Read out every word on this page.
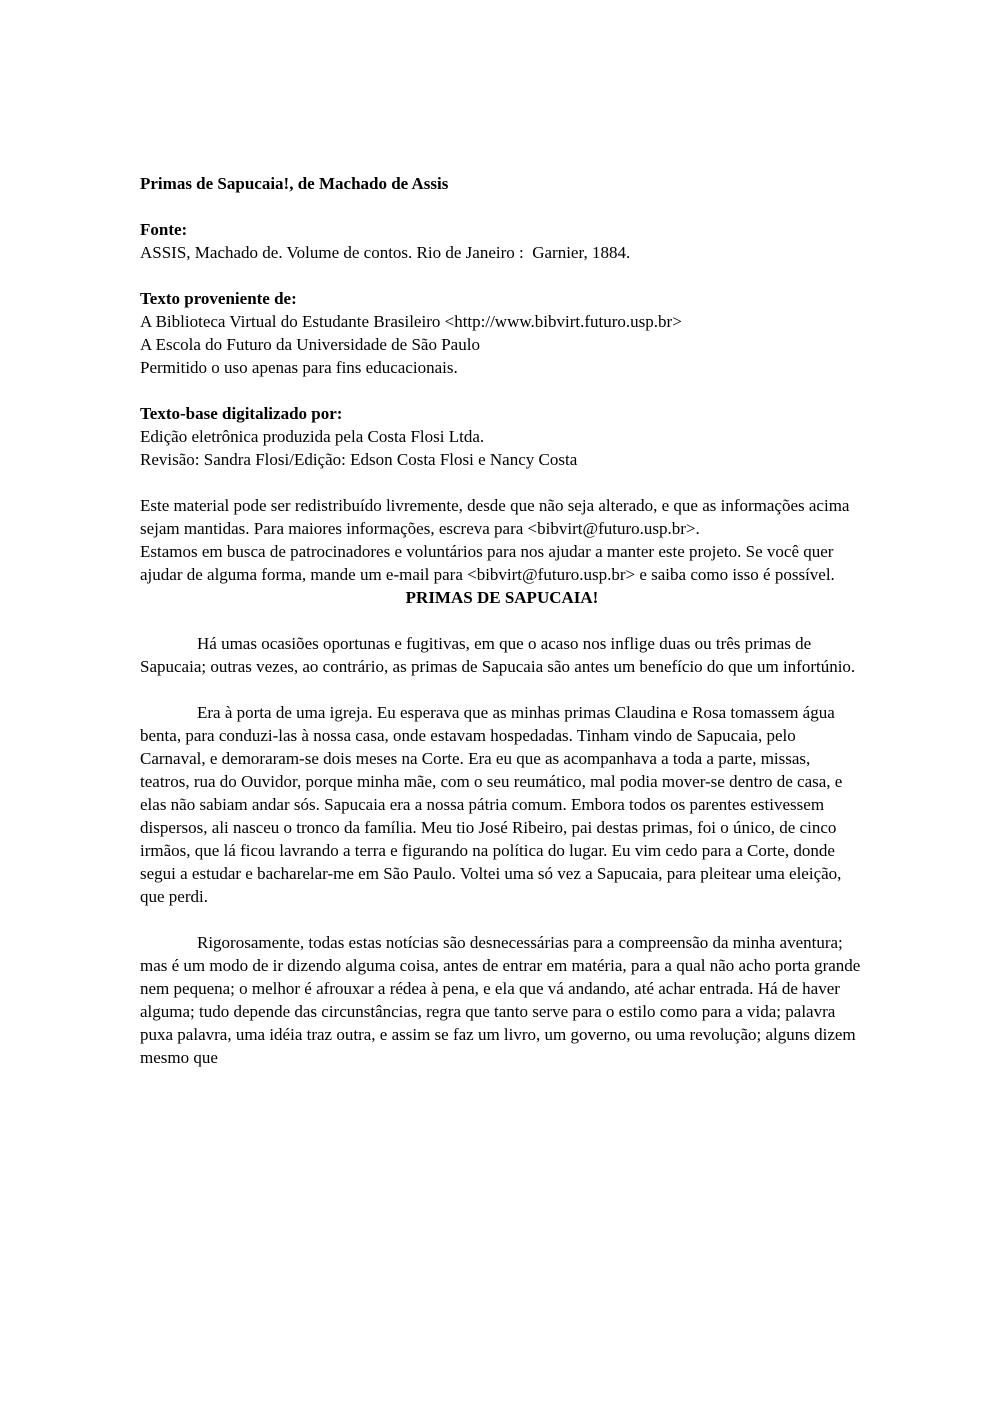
Primas de Sapucaia!, de Machado de Assis

Fonte:

ASSIS, Machado de. Volume de contos. Rio de Janeiro :  Garnier, 1884.

Texto proveniente de:

A Biblioteca Virtual do Estudante Brasileiro <http://www.bibvirt.futuro.usp.br>

A Escola do Futuro da Universidade de São Paulo

Permitido o uso apenas para fins educacionais.

Texto-base digitalizado por:

Edição eletrônica produzida pela Costa Flosi Ltda.

Revisão: Sandra Flosi/Edição: Edson Costa Flosi e Nancy Costa

Este material pode ser redistribuído livremente, desde que não seja alterado, e que as informações acima sejam mantidas. Para maiores informações, escreva para <bibvirt@futuro.usp.br>.

Estamos em busca de patrocinadores e voluntários para nos ajudar a manter este projeto. Se você quer ajudar de alguma forma, mande um e-mail para <bibvirt@futuro.usp.br> e saiba como isso é possível.

PRIMAS DE SAPUCAIA!

Há umas ocasiões oportunas e fugitivas, em que o acaso nos inflige duas ou três primas de Sapucaia; outras vezes, ao contrário, as primas de Sapucaia são antes um benefício do que um infortúnio.

Era à porta de uma igreja. Eu esperava que as minhas primas Claudina e Rosa tomassem água benta, para conduzi-las à nossa casa, onde estavam hospedadas. Tinham vindo de Sapucaia, pelo Carnaval, e demoraram-se dois meses na Corte. Era eu que as acompanhava a toda a parte, missas, teatros, rua do Ouvidor, porque minha mãe, com o seu reumático, mal podia mover-se dentro de casa, e elas não sabiam andar sós. Sapucaia era a nossa pátria comum. Embora todos os parentes estivessem dispersos, ali nasceu o tronco da família. Meu tio José Ribeiro, pai destas primas, foi o único, de cinco irmãos, que lá ficou lavrando a terra e figurando na política do lugar. Eu vim cedo para a Corte, donde segui a estudar e bacharelar-me em São Paulo. Voltei uma só vez a Sapucaia, para pleitear uma eleição, que perdi.

Rigorosamente, todas estas notícias são desnecessárias para a compreensão da minha aventura; mas é um modo de ir dizendo alguma coisa, antes de entrar em matéria, para a qual não acho porta grande nem pequena; o melhor é afrouxar a rédea à pena, e ela que vá andando, até achar entrada. Há de haver alguma; tudo depende das circunstâncias, regra que tanto serve para o estilo como para a vida; palavra puxa palavra, uma idéia traz outra, e assim se faz um livro, um governo, ou uma revolução; alguns dizem mesmo que
